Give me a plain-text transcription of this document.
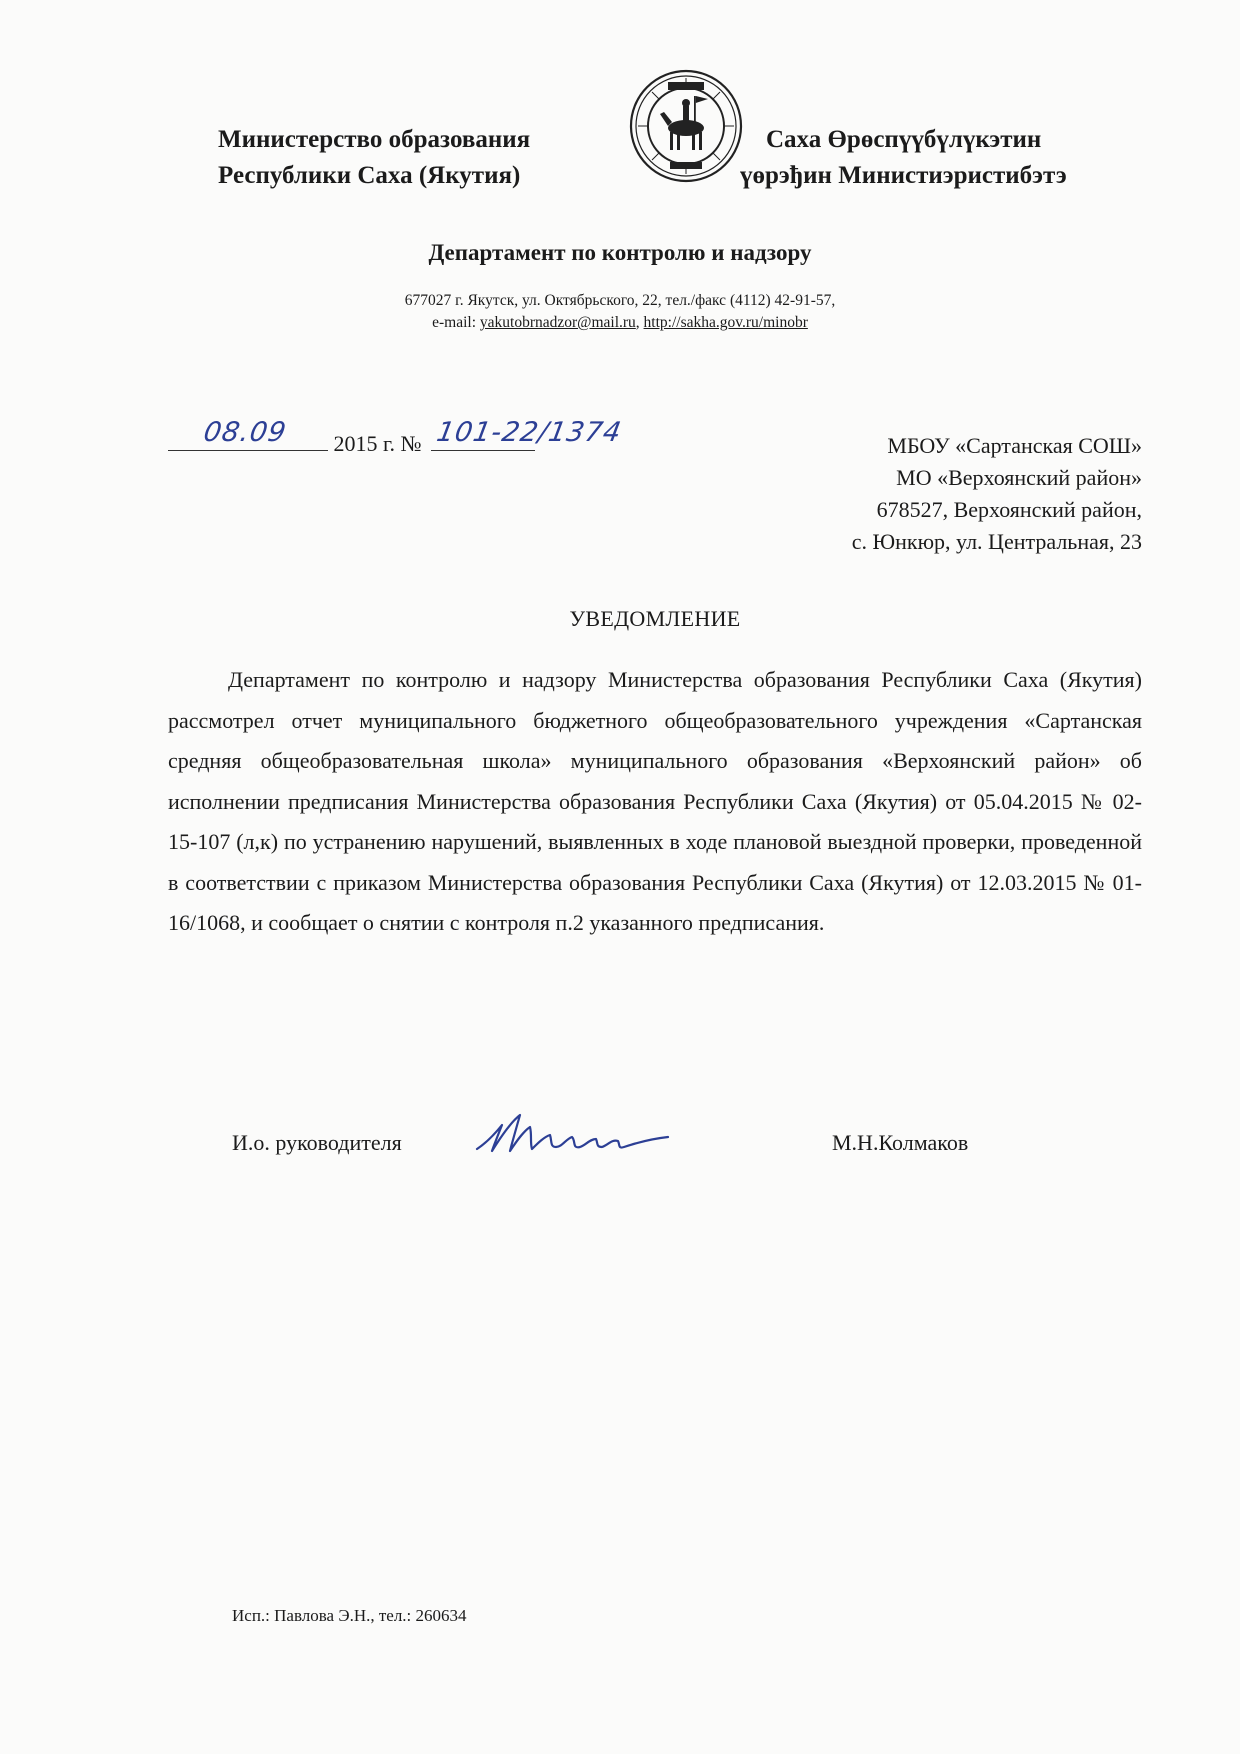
Министерство образования
Республики Саха (Якутия)
Саха Өрөспүүбүлүкэтин
үөрэђин Министиэристибэтэ
Департамент по контролю и надзору
677027 г. Якутск, ул. Октябрьского, 22, тел./факс (4112) 42-91-57,
e-mail: yakutobrnadzor@mail.ru, http://sakha.gov.ru/minobr
08.09 2015 г. № 101-22/1374	МБОУ «Сартанская СОШ»
МО «Верхоянский район»
678527, Верхоянский район,
с. Юнкюр, ул. Центральная, 23
УВЕДОМЛЕНИЕ

Департамент по контролю и надзору Министерства образования Республики Саха (Якутия) рассмотрел отчет муниципального бюджетного общеобразовательного учреждения «Сартанская средняя общеобразовательная школа» муниципального образования «Верхоянский район» об исполнении предписания Министерства образования Республики Саха (Якутия) от 05.04.2015 № 02-15-107 (л,к) по устранению нарушений, выявленных в ходе плановой выездной проверки, проведенной в соответствии с приказом Министерства образования Республики Саха (Якутия) от 12.03.2015 № 01-16/1068, и сообщает о снятии с контроля п.2 указанного предписания.

И.о. руководителя	М.Н.Колмаков
Исп.: Павлова Э.Н., тел.: 260634
